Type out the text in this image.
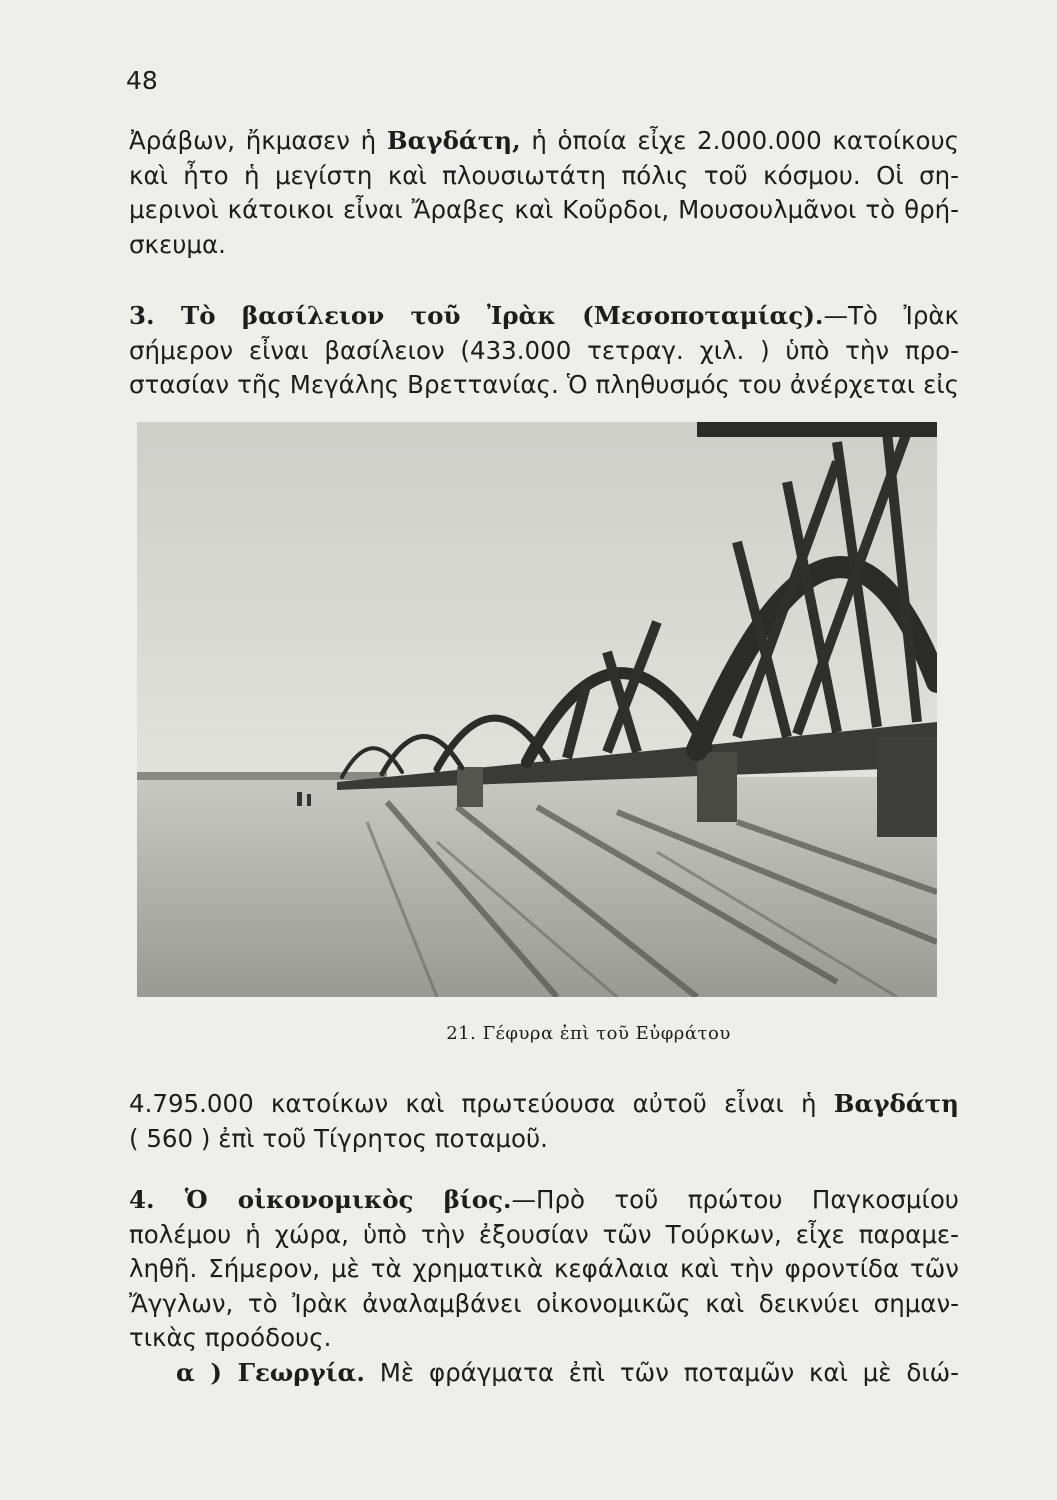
48
Ἀράβων, ἤκμασεν ἡ Βαγδάτη, ἡ ὁποία εἶχε 2.000.000 κατοίκους
καὶ ἦτο ἡ μεγίστη καὶ πλουσιωτάτη πόλις τοῦ κόσμου. Οἱ ση-
μερινοὶ κάτοικοι εἶναι Ἄραβες καὶ Κοῦρδοι, Μουσουλμᾶνοι τὸ θρή-
σκευμα.
3. Τὸ βασίλειον τοῦ Ἰρὰκ (Μεσοποταμίας).—Τὸ Ἰρὰκ
σήμερον εἶναι βασίλειον (433.000 τετραγ. χιλ. ) ὑπὸ τὴν προ-
στασίαν τῆς Μεγάλης Βρεττανίας. Ὁ πληθυσμός του ἀνέρχεται εἰς
21. Γέφυρα ἐπὶ τοῦ Εὐφράτου
4.795.000 κατοίκων καὶ πρωτεύουσα αὐτοῦ εἶναι ἡ Βαγδάτη
( 560 ) ἐπὶ τοῦ Τίγρητος ποταμοῦ.
4. Ὁ οἰκονομικὸς βίος.—Πρὸ τοῦ πρώτου Παγκοσμίου
πολέμου ἡ χώρα, ὑπὸ τὴν ἐξουσίαν τῶν Τούρκων, εἶχε παραμε-
ληθῆ. Σήμερον, μὲ τὰ χρηματικὰ κεφάλαια καὶ τὴν φροντίδα τῶν
Ἄγγλων, τὸ Ἰρὰκ ἀναλαμβάνει οἰκονομικῶς καὶ δεικνύει σημαν-
τικὰς προόδους.
α ) Γεωργία. Μὲ φράγματα ἐπὶ τῶν ποταμῶν καὶ μὲ διώ-
